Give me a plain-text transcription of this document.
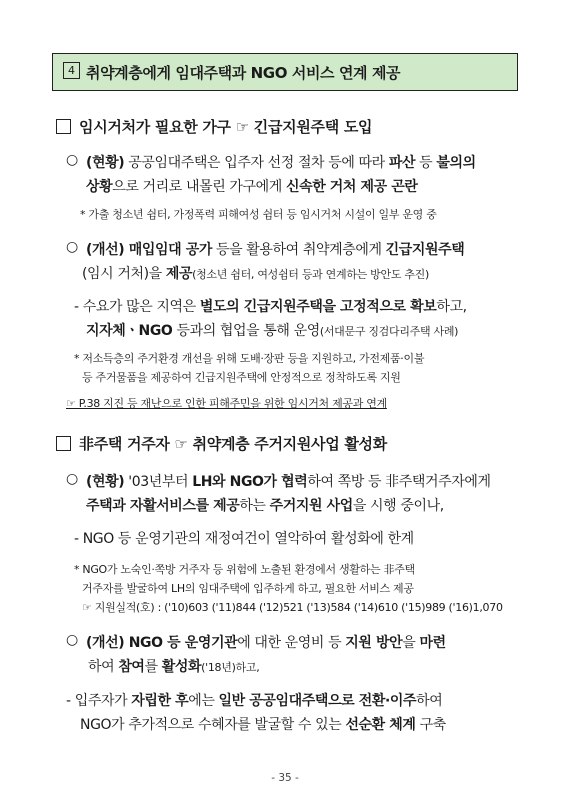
4 취약계층에게 임대주택과 NGO 서비스 연계 제공
임시거처가 필요한 가구 ☞ 긴급지원주택 도입
○ (현황) 공공임대주택은 입주자 선정 절차 등에 따라 파산 등 불의의
상황으로 거리로 내몰린 가구에게 신속한 거처 제공 곤란
* 가출 청소년 쉼터, 가정폭력 피해여성 쉼터 등 임시거처 시설이 일부 운영 중
○ (개선) 매입임대 공가 등을 활용하여 취약계층에게 긴급지원주택
(임시 거처)을 제공(청소년 쉼터, 여성쉼터 등과 연계하는 방안도 추진)
- 수요가 많은 지역은 별도의 긴급지원주택을 고정적으로 확보하고,
지자체ㆍNGO 등과의 협업을 통해 운영(서대문구 징검다리주택 사례)
* 저소득층의 주거환경 개선을 위해 도배·장판 등을 지원하고, 가전제품·이불
등 주거물품을 제공하여 긴급지원주택에 안정적으로 정착하도록 지원
☞ P.38 지진 등 재난으로 인한 피해주민을 위한 임시거처 제공과 연계
非주택 거주자 ☞ 취약계층 주거지원사업 활성화
○ (현황) '03년부터 LH와 NGO가 협력하여 쪽방 등 非주택거주자에게
주택과 자활서비스를 제공하는 주거지원 사업을 시행 중이나,
- NGO 등 운영기관의 재정여건이 열악하여 활성화에 한계
* NGO가 노숙인·쪽방 거주자 등 위험에 노출된 환경에서 생활하는 非주택
거주자를 발굴하여 LH의 임대주택에 입주하게 하고, 필요한 서비스 제공
☞ 지원실적(호) : ('10)603 ('11)844 ('12)521 ('13)584 ('14)610 ('15)989 ('16)1,070
○ (개선) NGO 등 운영기관에 대한 운영비 등 지원 방안을 마련
하여 참여를 활성화('18년)하고,
- 입주자가 자립한 후에는 일반 공공임대주택으로 전환·이주하여
NGO가 추가적으로 수혜자를 발굴할 수 있는 선순환 체계 구축
- 35 -
